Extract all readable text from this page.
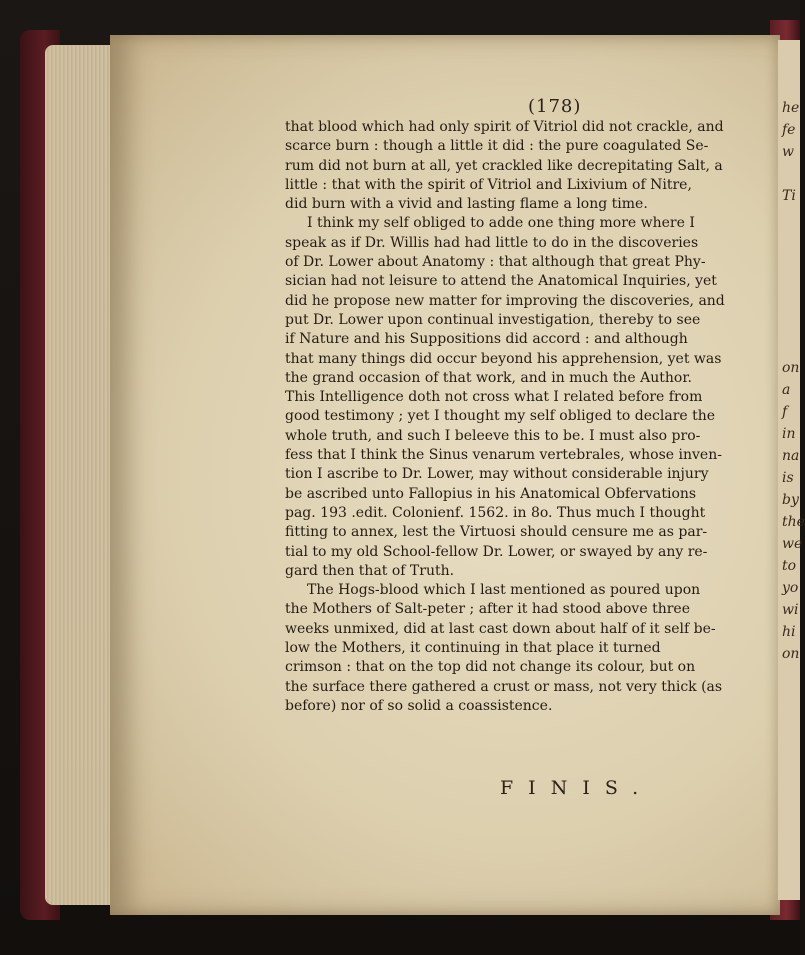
he
fe
w
Ti
on
a
f
in
na
is
by
the
we
to
yo
wi
hi
on
(178)

that blood which had only spirit of Vitriol did not crackle, and
scarce burn : though a little it did : the pure coagulated Se-
rum did not burn at all, yet crackled like decrepitating Salt, a
little : that with the spirit of Vitriol and Lixivium of Nitre,
did burn with a vivid and lasting flame a long time.

I think my self obliged to adde one thing more where I
speak as if Dr. Willis had had little to do in the discoveries
of Dr. Lower about Anatomy : that although that great Phy-
sician had not leisure to attend the Anatomical Inquiries, yet
did he propose new matter for improving the discoveries, and
put Dr. Lower upon continual investigation, thereby to see
if Nature and his Suppositions did accord : and although
that many things did occur beyond his apprehension, yet was
the grand occasion of that work, and in much the Author.
This Intelligence doth not cross what I related before from
good testimony ; yet I thought my self obliged to declare the
whole truth, and such I beleeve this to be. I must also pro-
fess that I think the Sinus venarum vertebrales, whose inven-
tion I ascribe to Dr. Lower, may without considerable injury
be ascribed unto Fallopius in his Anatomical Obfervations
pag. 193 .edit. Colonienf. 1562. in 8o. Thus much I thought
fitting to annex, lest the Virtuosi should censure me as par-
tial to my old School-fellow Dr. Lower, or swayed by any re-
gard then that of Truth.

The Hogs-blood which I last mentioned as poured upon
the Mothers of Salt-peter ; after it had stood above three
weeks unmixed, did at last cast down about half of it self be-
low the Mothers, it continuing in that place it turned
crimson : that on the top did not change its colour, but on
the surface there gathered a crust or mass, not very thick (as
before) nor of so solid a coassistence.

FINIS.
